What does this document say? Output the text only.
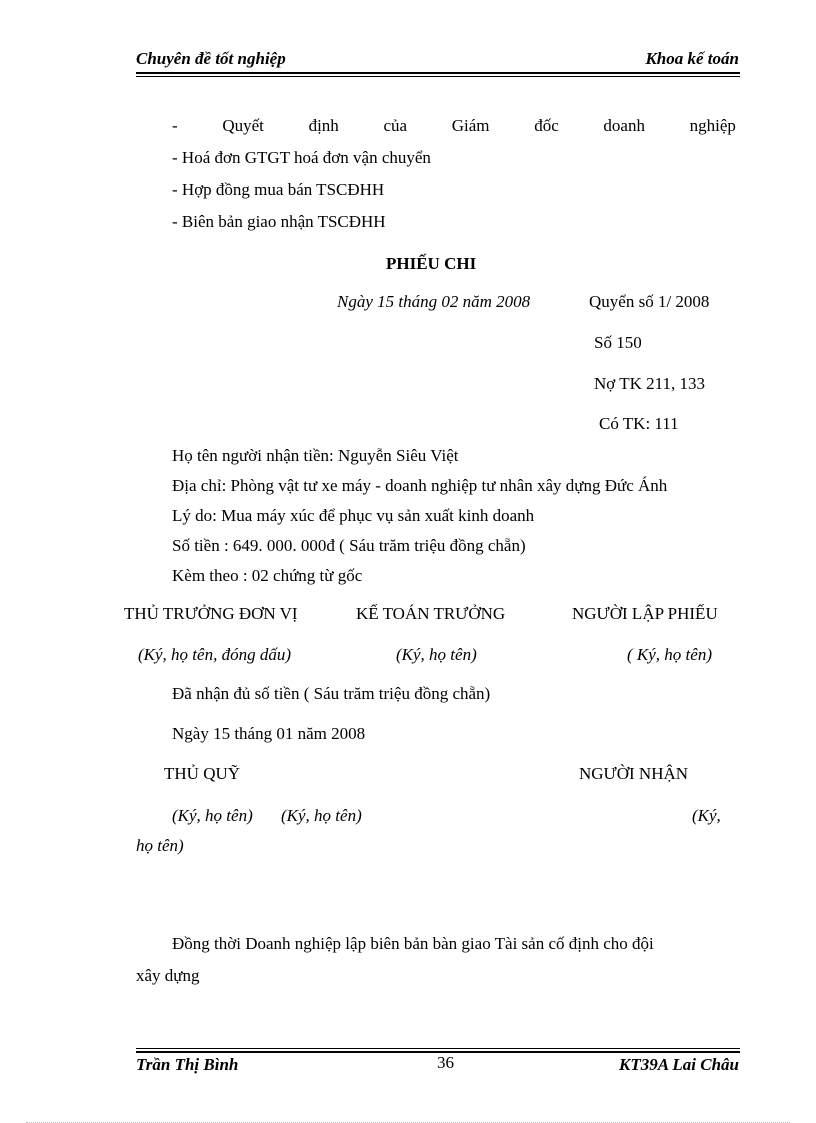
Chuyên đề tốt nghiệp	Khoa kế toán
-	Quyết	định	của	Giám	đốc	doanh	nghiệp
- Hoá đơn GTGT hoá đơn vận chuyển
- Hợp đồng mua bán TSCĐHH
- Biên bản giao nhận TSCĐHH
PHIẾU CHI
Ngày 15 tháng 02 năm 2008	Quyển số 1/ 2008
Số 150
Nợ TK 211, 133
Có TK: 111
Họ tên người nhận tiền: Nguyễn Siêu Việt
Địa chỉ: Phòng vật tư xe máy - doanh nghiệp tư nhân xây dựng Đức Ánh
Lý do: Mua máy xúc để phục vụ sản xuất kinh doanh
Số tiền : 649. 000. 000đ ( Sáu trăm triệu đồng chẵn)
Kèm theo : 02 chứng từ gốc
THỦ TRƯỞNG ĐƠN VỊ	KẾ TOÁN TRƯỞNG	NGƯỜI LẬP PHIẾU
(Ký, họ tên, đóng dấu)	(Ký, họ tên)	( Ký, họ tên)
Đã nhận đủ số tiền ( Sáu trăm triệu đồng chẵn)
Ngày 15 tháng 01 năm 2008
THỦ QUỸ	NGƯỜI NHẬN
(Ký, họ tên) (Ký, họ tên)	(Ký,
họ tên)
Đồng thời Doanh nghiệp lập biên bản bàn giao Tài sản cố định cho đội
xây dựng
Trần Thị Bình	36	KT39A Lai Châu
